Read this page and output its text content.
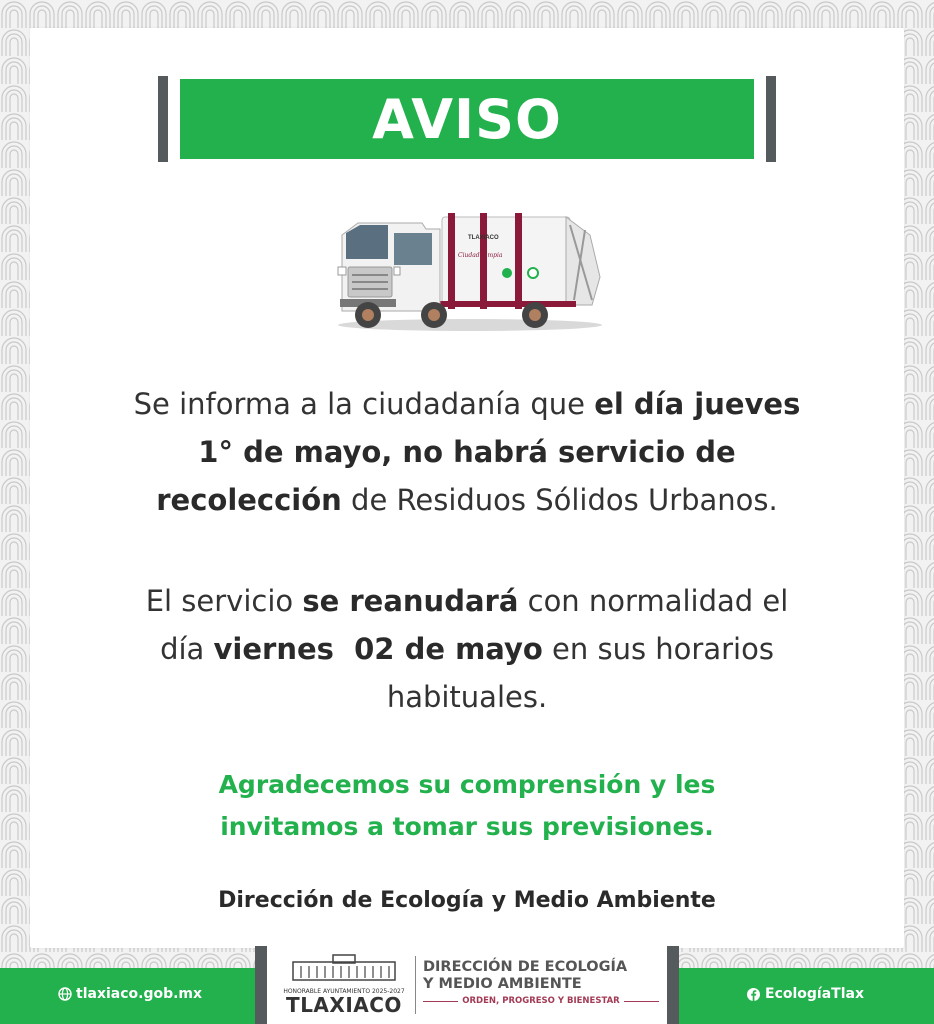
AVISO
TLAXIACO
Ciudad Limpia
Se informa a la ciudadanía que el día jueves
1° de mayo, no habrá servicio de
recolección de Residuos Sólidos Urbanos.
El servicio se reanudará con normalidad el
día viernes  02 de mayo en sus horarios
habituales.
Agradecemos su comprensión y les
invitamos a tomar sus previsiones.
Dirección de Ecología y Medio Ambiente
tlaxiaco.gob.mx	EcologíaTlax
HONORABLE AYUNTAMIENTO 2025-2027
TLAXIACO
DIRECCIÓN DE ECOLOGÍA
Y MEDIO AMBIENTE
ORDEN, PROGRESO Y BIENESTAR
